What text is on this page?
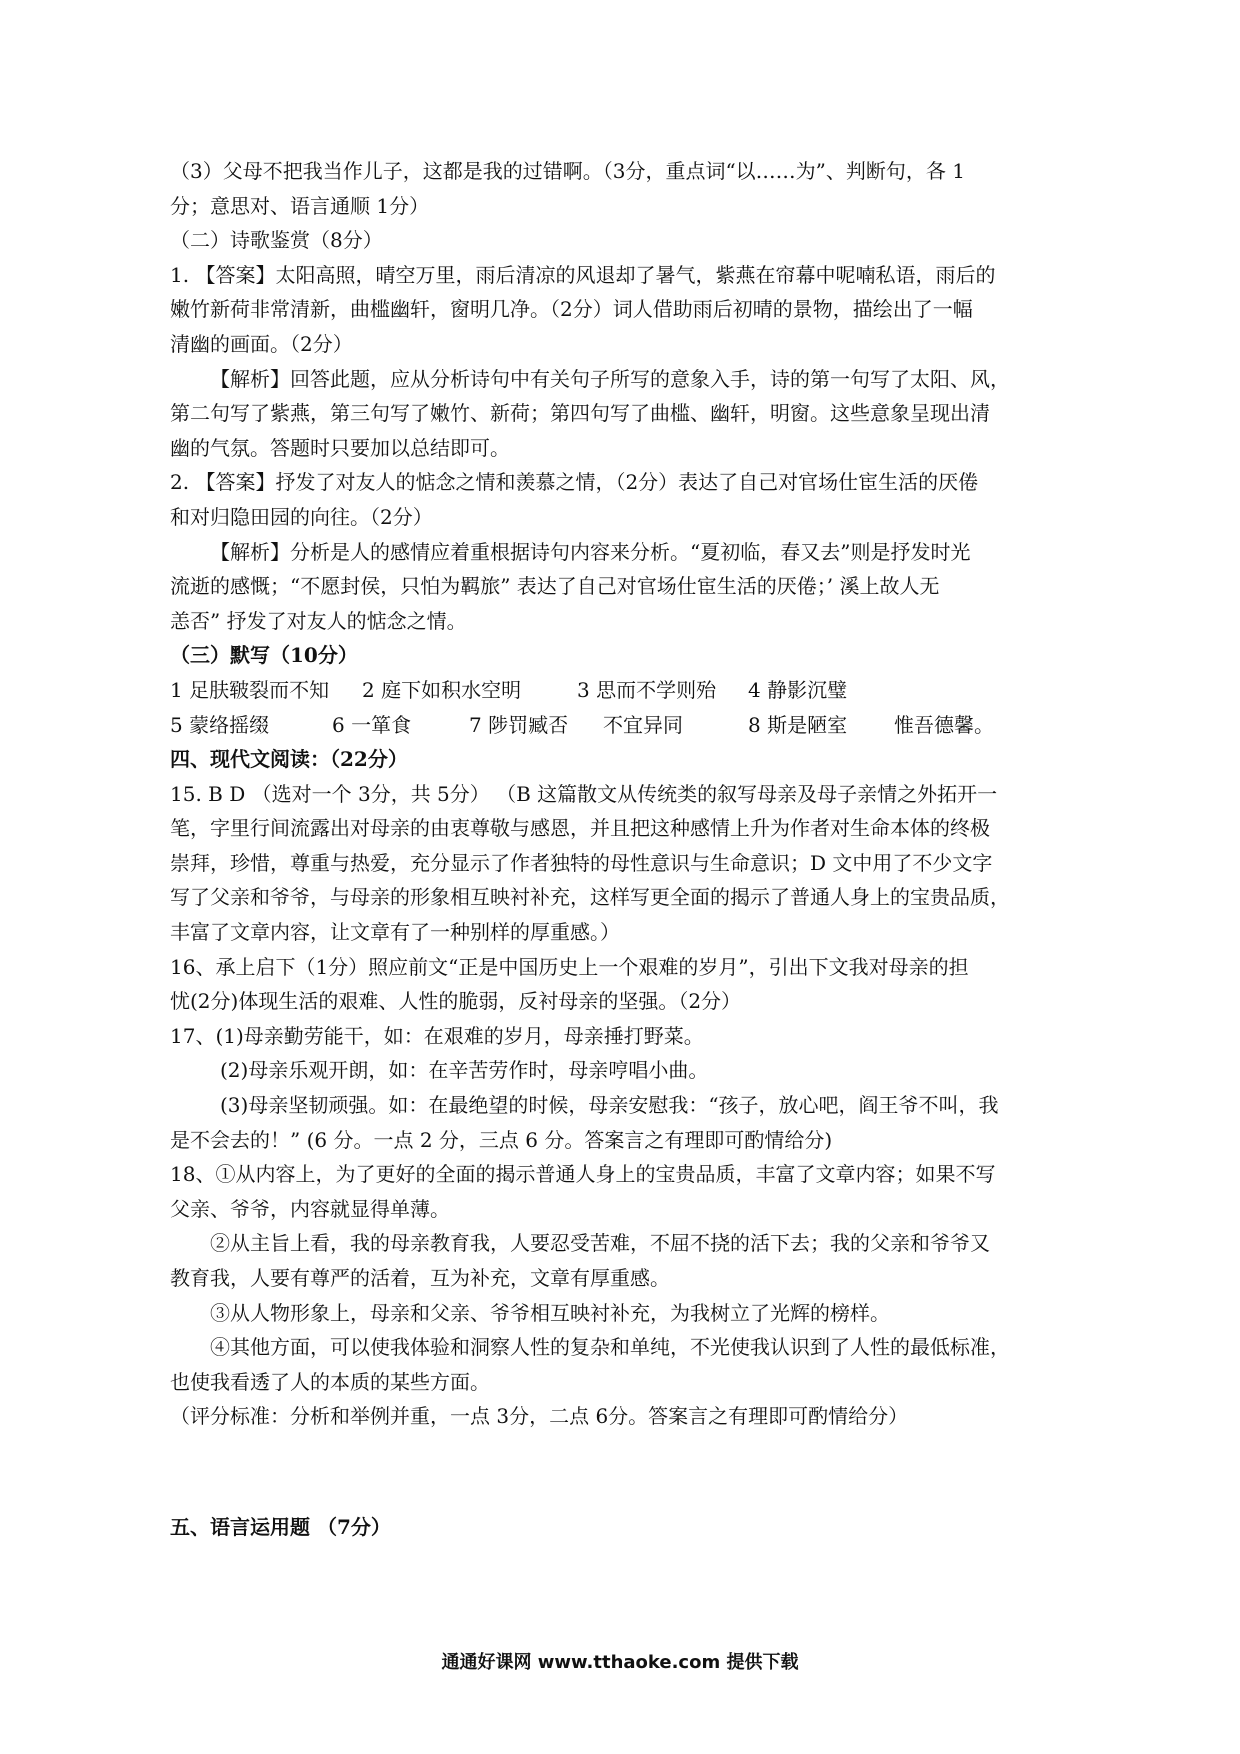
（3）父母不把我当作儿子，这都是我的过错啊。（3分，重点词“以……为”、判断句，各 1
分；意思对、语言通顺 1分）
（二）诗歌鉴赏（8分）
1. 【答案】太阳高照，晴空万里，雨后清凉的风退却了暑气，紫燕在帘幕中呢喃私语，雨后的
嫩竹新荷非常清新，曲槛幽轩，窗明几净。（2分）词人借助雨后初晴的景物，描绘出了一幅
清幽的画面。（2分）
【解析】回答此题，应从分析诗句中有关句子所写的意象入手，诗的第一句写了太阳、风，
第二句写了紫燕，第三句写了嫩竹、新荷；第四句写了曲槛、幽轩，明窗。这些意象呈现出清
幽的气氛。答题时只要加以总结即可。
2. 【答案】抒发了对友人的惦念之情和羡慕之情，（2分）表达了自己对官场仕宦生活的厌倦
和对归隐田园的向往。（2分）
【解析】分析是人的感情应着重根据诗句内容来分析。“夏初临，春又去”则是抒发时光
流逝的感慨；“不愿封侯，只怕为羁旅” 表达了自己对官场仕宦生活的厌倦；’ 溪上故人无
恙否” 抒发了对友人的惦念之情。
（三）默写（10分）
1 足肤皲裂而不知	2 庭下如积水空明	3 思而不学则殆	4 静影沉璧
5 蒙络摇缀	6 一箪食	7 陟罚臧否	不宜异同	8 斯是陋室	惟吾德馨。
四、现代文阅读：（22分）
15. B D （选对一个 3分，共 5分） （B 这篇散文从传统类的叙写母亲及母子亲情之外拓开一
笔，字里行间流露出对母亲的由衷尊敬与感恩，并且把这种感情上升为作者对生命本体的终极
崇拜，珍惜，尊重与热爱，充分显示了作者独特的母性意识与生命意识；D 文中用了不少文字
写了父亲和爷爷，与母亲的形象相互映衬补充，这样写更全面的揭示了普通人身上的宝贵品质，
丰富了文章内容，让文章有了一种别样的厚重感。）
16、承上启下（1分）照应前文“正是中国历史上一个艰难的岁月”，引出下文我对母亲的担
忧(2分)体现生活的艰难、人性的脆弱，反衬母亲的坚强。（2分）
17、(1)母亲勤劳能干，如：在艰难的岁月，母亲捶打野菜。
(2)母亲乐观开朗，如：在辛苦劳作时，母亲哼唱小曲。
(3)母亲坚韧顽强。如：在最绝望的时候，母亲安慰我：“孩子，放心吧，阎王爷不叫，我
是不会去的！” (6 分。一点 2 分，三点 6 分。答案言之有理即可酌情给分)
18、①从内容上，为了更好的全面的揭示普通人身上的宝贵品质，丰富了文章内容；如果不写
父亲、爷爷，内容就显得单薄。
②从主旨上看，我的母亲教育我，人要忍受苦难，不屈不挠的活下去；我的父亲和爷爷又
教育我，人要有尊严的活着，互为补充，文章有厚重感。
③从人物形象上，母亲和父亲、爷爷相互映衬补充，为我树立了光辉的榜样。
④其他方面，可以使我体验和洞察人性的复杂和单纯，不光使我认识到了人性的最低标准，
也使我看透了人的本质的某些方面。
（评分标准：分析和举例并重，一点 3分，二点 6分。答案言之有理即可酌情给分）
五、语言运用题 （7分）
通通好课网 www.tthaoke.com 提供下载
